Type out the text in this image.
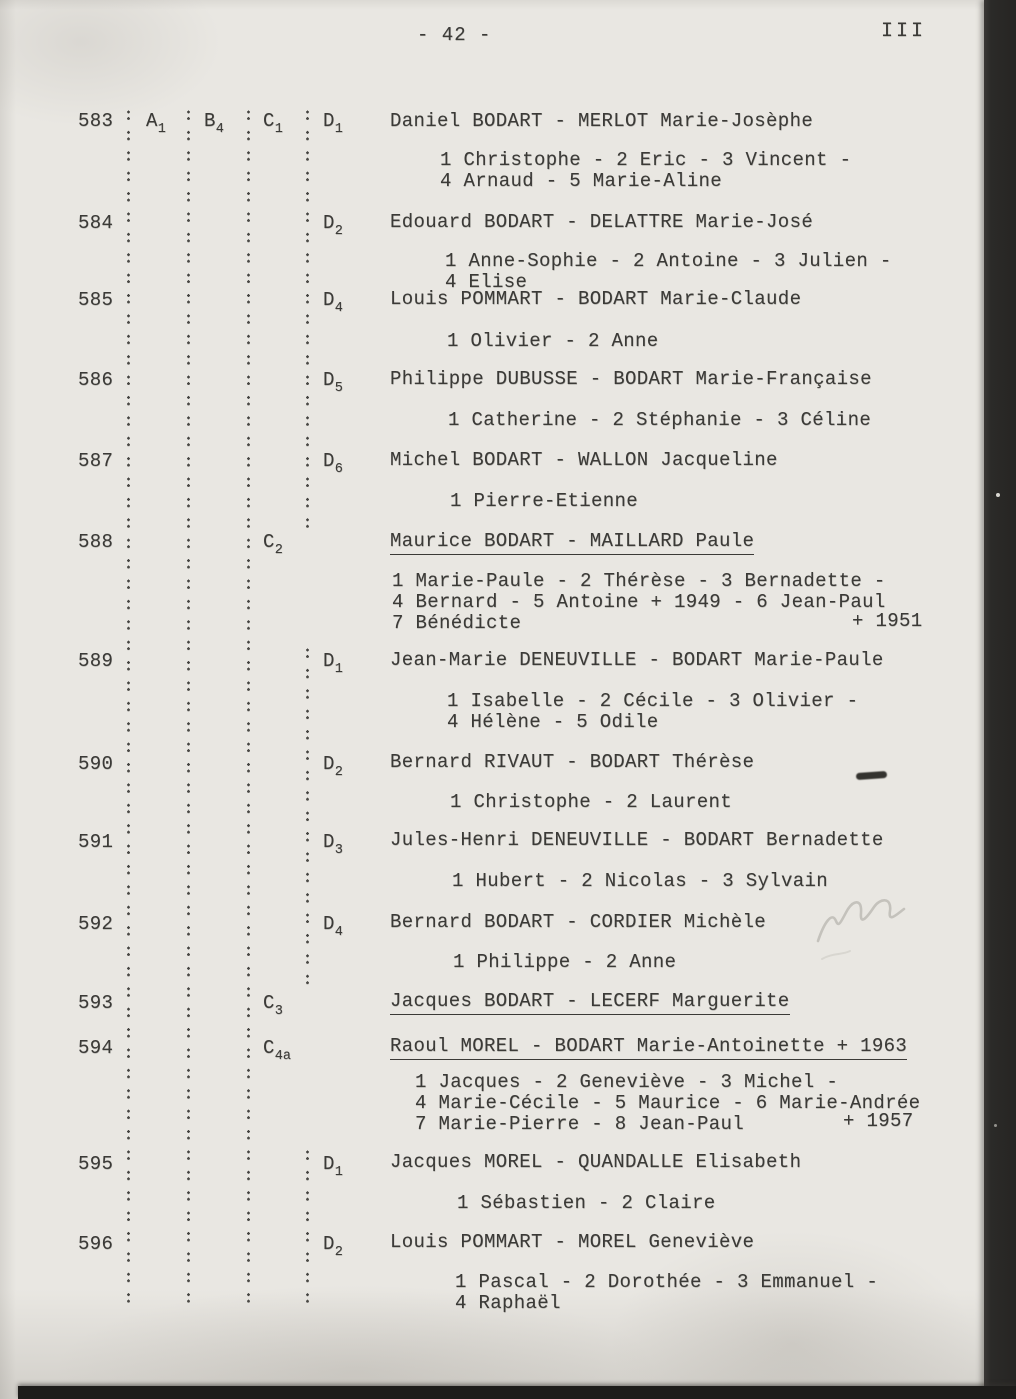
- 42 -	III
583 $A_1$ $B_4$ $C_1$ $D_1$ Daniel BODART - MERLOT Marie-Josèphe
1 Christophe - 2 Eric - 3 Vincent -
4 Arnaud - 5 Marie-Aline
584	$D_2$ Edouard BODART - DELATTRE Marie-José
1 Anne-Sophie - 2 Antoine - 3 Julien -
4 Elise
585	$D_4$ Louis POMMART - BODART Marie-Claude
1 Olivier - 2 Anne
586	$D_5$ Philippe DUBUSSE - BODART Marie-Française
1 Catherine - 2 Stéphanie - 3 Céline
587	$D_6$ Michel BODART - WALLON Jacqueline
1 Pierre-Etienne
588	$C_2$	Maurice BODART - MAILLARD Paule
1 Marie-Paule - 2 Thérèse - 3 Bernadette -
4 Bernard - 5 Antoine + 1949 - 6 Jean-Paul
7 Bénédicte	+ 1951
589	$D_1$ Jean-Marie DENEUVILLE - BODART Marie-Paule
1 Isabelle - 2 Cécile - 3 Olivier -
4 Hélène - 5 Odile
590	$D_2$ Bernard RIVAUT - BODART Thérèse
1 Christophe - 2 Laurent
591	$D_3$ Jules-Henri DENEUVILLE - BODART Bernadette
1 Hubert - 2 Nicolas - 3 Sylvain
592	$D_4$ Bernard BODART - CORDIER Michèle
1 Philippe - 2 Anne
593	$C_3$	Jacques BODART - LECERF Marguerite
594	$C_{4a}$	Raoul MOREL - BODART Marie-Antoinette + 1963
1 Jacques - 2 Geneviève - 3 Michel -
4 Marie-Cécile - 5 Maurice - 6 Marie-Andrée
7 Marie-Pierre - 8 Jean-Paul	+ 1957
595	$D_1$ Jacques MOREL - QUANDALLE Elisabeth
1 Sébastien - 2 Claire
596	$D_2$ Louis POMMART - MOREL Geneviève
1 Pascal - 2 Dorothée - 3 Emmanuel -
4 Raphaël
